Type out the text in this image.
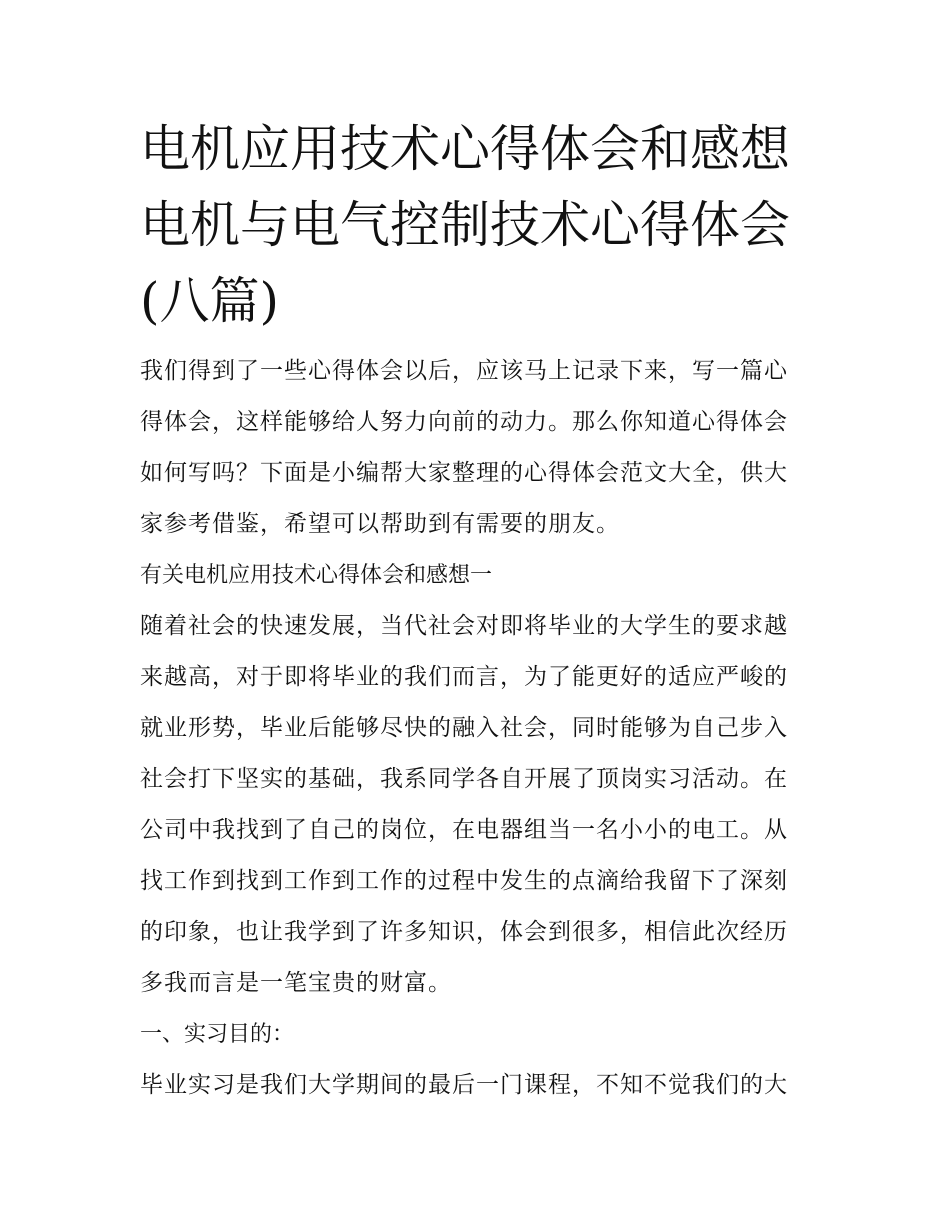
电机应用技术心得体会和感想
电机与电气控制技术心得体会
(八篇)
我们得到了一些心得体会以后，应该马上记录下来，写一篇心
得体会，这样能够给人努力向前的动力。那么你知道心得体会
如何写吗？下面是小编帮大家整理的心得体会范文大全，供大
家参考借鉴，希望可以帮助到有需要的朋友。
有关电机应用技术心得体会和感想一
随着社会的快速发展，当代社会对即将毕业的大学生的要求越
来越高，对于即将毕业的我们而言，为了能更好的适应严峻的
就业形势，毕业后能够尽快的融入社会，同时能够为自己步入
社会打下坚实的基础，我系同学各自开展了顶岗实习活动。在
公司中我找到了自己的岗位，在电器组当一名小小的电工。从
找工作到找到工作到工作的过程中发生的点滴给我留下了深刻
的印象，也让我学到了许多知识，体会到很多，相信此次经历
多我而言是一笔宝贵的财富。
一、实习目的：
毕业实习是我们大学期间的最后一门课程，不知不觉我们的大
